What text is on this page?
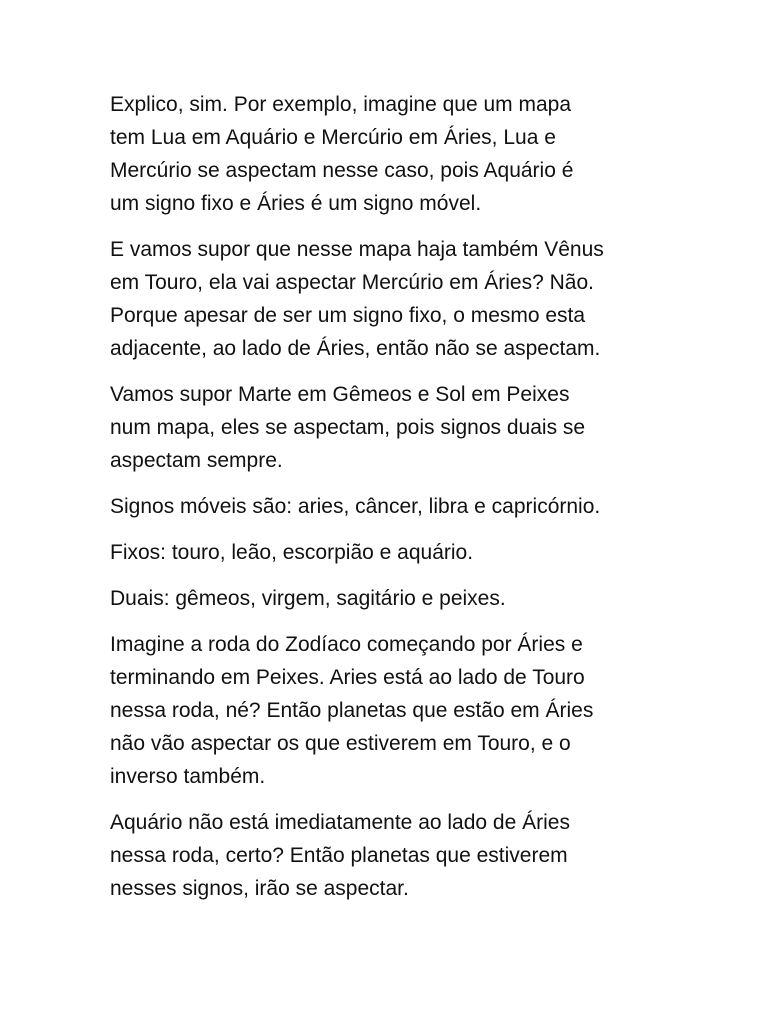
Explico, sim. Por exemplo, imagine que um mapa
tem Lua em Aquário e Mercúrio em Áries, Lua e
Mercúrio se aspectam nesse caso, pois Aquário é
um signo fixo e Áries é um signo móvel.

E vamos supor que nesse mapa haja também Vênus
em Touro, ela vai aspectar Mercúrio em Áries? Não.
Porque apesar de ser um signo fixo, o mesmo esta
adjacente, ao lado de Áries, então não se aspectam.

Vamos supor Marte em Gêmeos e Sol em Peixes
num mapa, eles se aspectam, pois signos duais se
aspectam sempre.

Signos móveis são: aries, câncer, libra e capricórnio.

Fixos: touro, leão, escorpião e aquário.

Duais: gêmeos, virgem, sagitário e peixes.

Imagine a roda do Zodíaco começando por Áries e
terminando em Peixes. Aries está ao lado de Touro
nessa roda, né? Então planetas que estão em Áries
não vão aspectar os que estiverem em Touro, e o
inverso também.

Aquário não está imediatamente ao lado de Áries
nessa roda, certo? Então planetas que estiverem
nesses signos, irão se aspectar.
